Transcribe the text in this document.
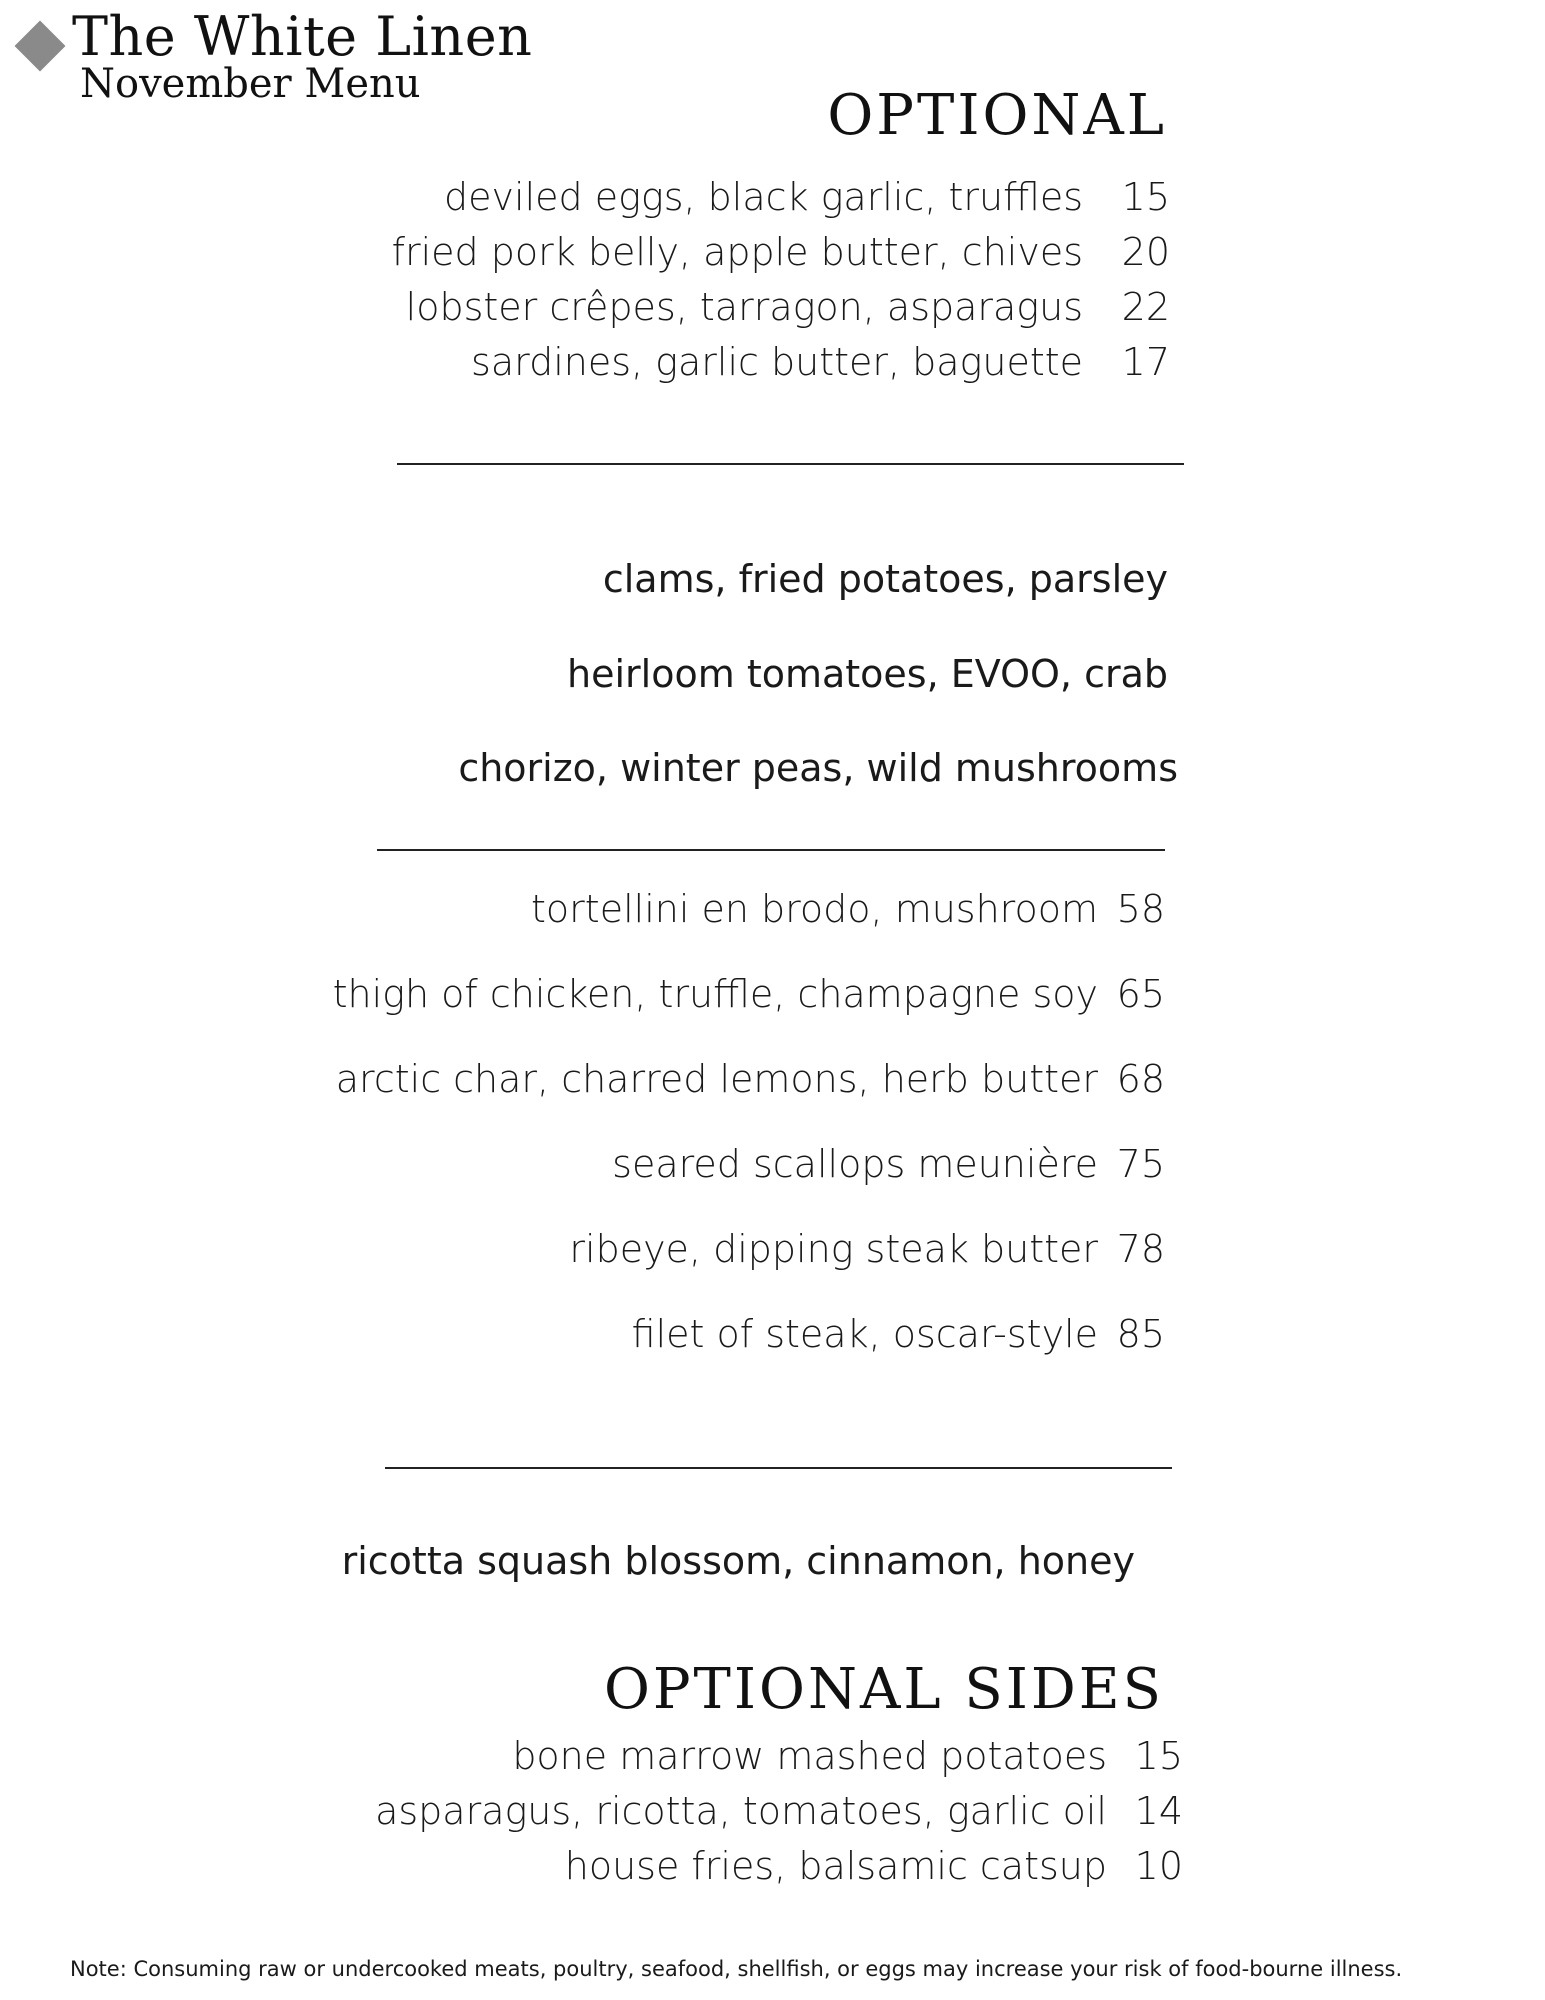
The White Linen
November Menu	OPTIONAL
deviled eggs, black garlic, truffles	15
fried pork belly, apple butter, chives	20
lobster crêpes, tarragon, asparagus	22
sardines, garlic butter, baguette	17
clams, fried potatoes, parsley
heirloom tomatoes, EVOO, crab
chorizo, winter peas, wild mushrooms
tortellini en brodo, mushroom 58
thigh of chicken, truffle, champagne soy 65
arctic char, charred lemons, herb butter 68
seared scallops meunière 75
ribeye, dipping steak butter 78
filet of steak, oscar-style 85
ricotta squash blossom, cinnamon, honey
OPTIONAL SIDES
bone marrow mashed potatoes 15
asparagus, ricotta, tomatoes, garlic oil 14
house fries, balsamic catsup 10
Note: Consuming raw or undercooked meats, poultry, seafood, shellfish, or eggs may increase your risk of food-bourne illness.
